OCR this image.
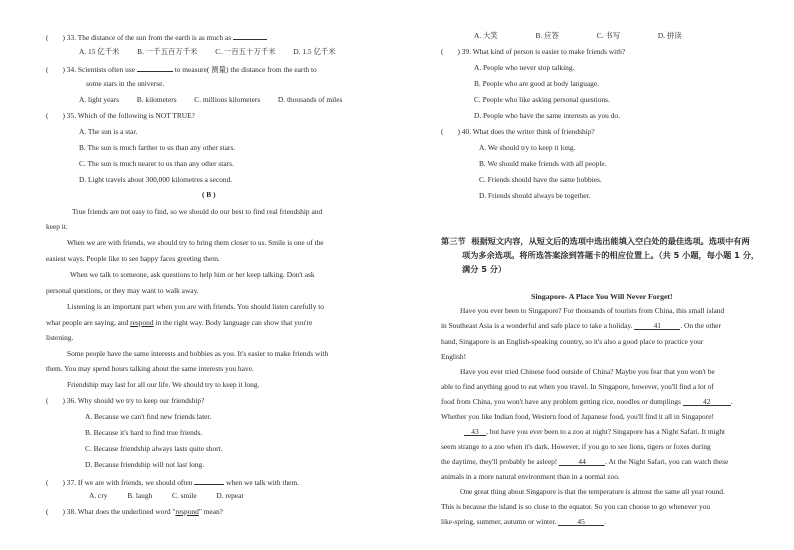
( ) 33. The distance of the sun from the earth is as much as
A. 15 亿千米 B. 一千五百万千米 C. 一百五十万千米 D. 1.5 亿千米
( ) 34. Scientists often use	to measure( 测量) the distance from the earth to
some stars in the universe.
A. light years B. kilometers C. millions kilometers D. thousands of miles
( ) 35. Which of the following is NOT TRUE?
A. The sun is a star.
B. The sun is much farther to us than any other stars.
C. The sun is much nearer to us than any other stars.
D. Light travels about 300,000 kilometres a second.
( B )
True friends are not easy to find, so we should do our best to find real friendship and
keep it.
When we are with friends, we should try to bring them closer to us. Smile is one of the
easiest ways. People like to see happy faces greeting them.
When we talk to someone, ask questions to help him or her keep talking. Don't ask
personal questions, or they may want to walk away.
Listening is an important part when you are with friends. You should listen carefully to
what people are saying, and respond in the right way. Body language can show that you're
listening.
Some people have the same interests and hobbies as you. It's easier to make friends with
them. You may spend hours talking about the same interests you have.
Friendship may last for all our life. We should try to keep it long.
( ) 36. Why should we try to keep our friendship?
A. Because we can't find new friends later.
B. Because it's hard to find true friends.
C. Because friendship always lasts quite short.
D. Because friendship will not last long.
( ) 37. If we are with friends, we should often	when we talk with them.
A. cry	B. laugh	C. smile	D. repeat
( ) 38. What does the underlined word "respond" mean?
A. 大笑	B. 应答	C. 书写	D. 拼读
( ) 39. What kind of person is easier to make friends with?
A. People who never stop talking.
B. People who are good at body language.
C. People who like asking personal questions.
D. People who have the same interests as you do.
( ) 40. What does the writer think of friendship?
A. We should try to keep it long.
B. We should make friends with all people.
C. Friends should have the same hobbies.
D. Friends should always be together.
第三节 根据短文内容，从短文后的选项中选出能填入空白处的最佳选项。选项中有两
项为多余选项。将所选答案涂到答题卡的相应位置上。（共 5 小题，每小题 1 分，
满分 5 分）
Singapore- A Place You Will Never Forget!
Have you ever been to Singapore? For thousands of tourists from China, this small island
in Southeast Asia is a wonderful and safe place to take a holiday.	41	. On the other
hand, Singapore is an English-speaking country, so it's also a good place to practice your
English!
Have you ever tried Chinese food outside of China? Maybe you fear that you won't be
able to find anything good to eat when you travel. In Singapore, however, you'll find a lot of
food from China, you won't have any problem getting rice, noodles or dumplings	42	.
Whether you like Indian food, Western food of Japanese food, you'll find it all in Singapore!
43 , but have you ever been to a zoo at night? Singapore has a Night Safari. It might
seem strange to a zoo when it's dark. However, if you go to see lions, tigers or foxes during
the daytime, they'll probably be asleep!	44	. At the Night Safari, you can watch these
animals in a more natural environment than in a normal zoo.
One great thing about Singapore is that the temperature is almost the same all year round.
This is because the island is so close to the equator. So you can choose to go whenever you
like-spring, summer, autumn or winter.	45	.
